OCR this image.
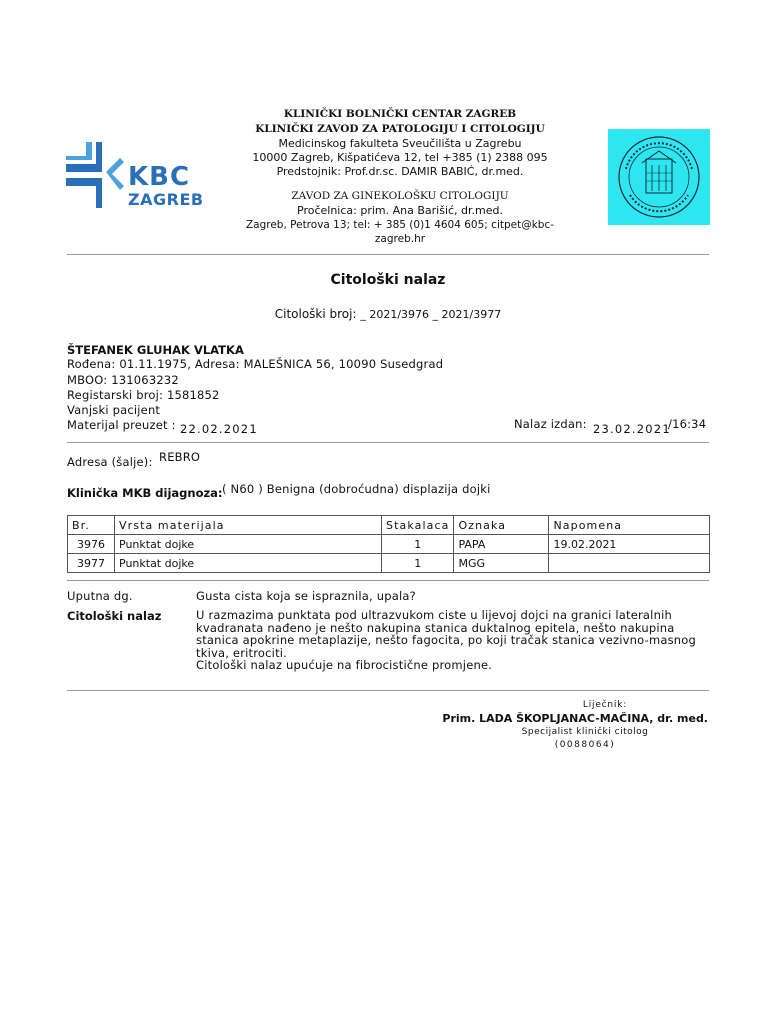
KBC
ZAGREB
KLINIČKI BOLNIČKI CENTAR ZAGREB
KLINIČKI ZAVOD ZA PATOLOGIJU I CITOLOGIJU
Medicinskog fakulteta Sveučilišta u Zagrebu
10000 Zagreb, Kišpatićeva 12, tel +385 (1) 2388 095
Predstojnik: Prof.dr.sc. DAMIR BABIĆ, dr.med.
ZAVOD ZA GINEKOLOŠKU CITOLOGIJU
Pročelnica: prim. Ana Barišić, dr.med.
Zagreb, Petrova 13; tel: + 385 (0)1 4604 605; citpet@kbc-
zagreb.hr
Citološki nalaz
Citološki broj: _ 2021/3976 _ 2021/3977
ŠTEFANEK GLUHAK VLATKA
Rođena: 01.11.1975, Adresa: MALEŠNICA 56, 10090 Susedgrad
MBOO: 131063232
Registarski broj: 1581852
Vanjski pacijent
Materijal preuzet : 22.02.2021	Nalaz izdan: 23.02.2021
/16:34
Adresa (šalje): REBRO
Klinička MKB dijagnoza: ( N60 ) Benigna (dobroćudna) displazija dojki
Br.	Vrsta materijala	Stakalaca	Oznaka	Napomena
3976	Punktat dojke	1	PAPA	19.02.2021
3977	Punktat dojke	1	MGG	
Uputna dg.	Gusta cista koja se ispraznila, upala?
Citološki nalaz	U razmazima punktata pod ultrazvukom ciste u lijevoj dojci na granici lateralnih
kvadranata nađeno je nešto nakupina stanica duktalnog epitela, nešto nakupina
stanica apokrine metaplazije, nešto fagocita, po koji tračak stanica vezivno-masnog
tkiva, eritrociti.
Citološki nalaz upućuje na fibrocistične promjene.
Liječnik:
Prim. LADA ŠKOPLJANAC-MAČINA, dr. med.
Specijalist klinički citolog
(0088064)
